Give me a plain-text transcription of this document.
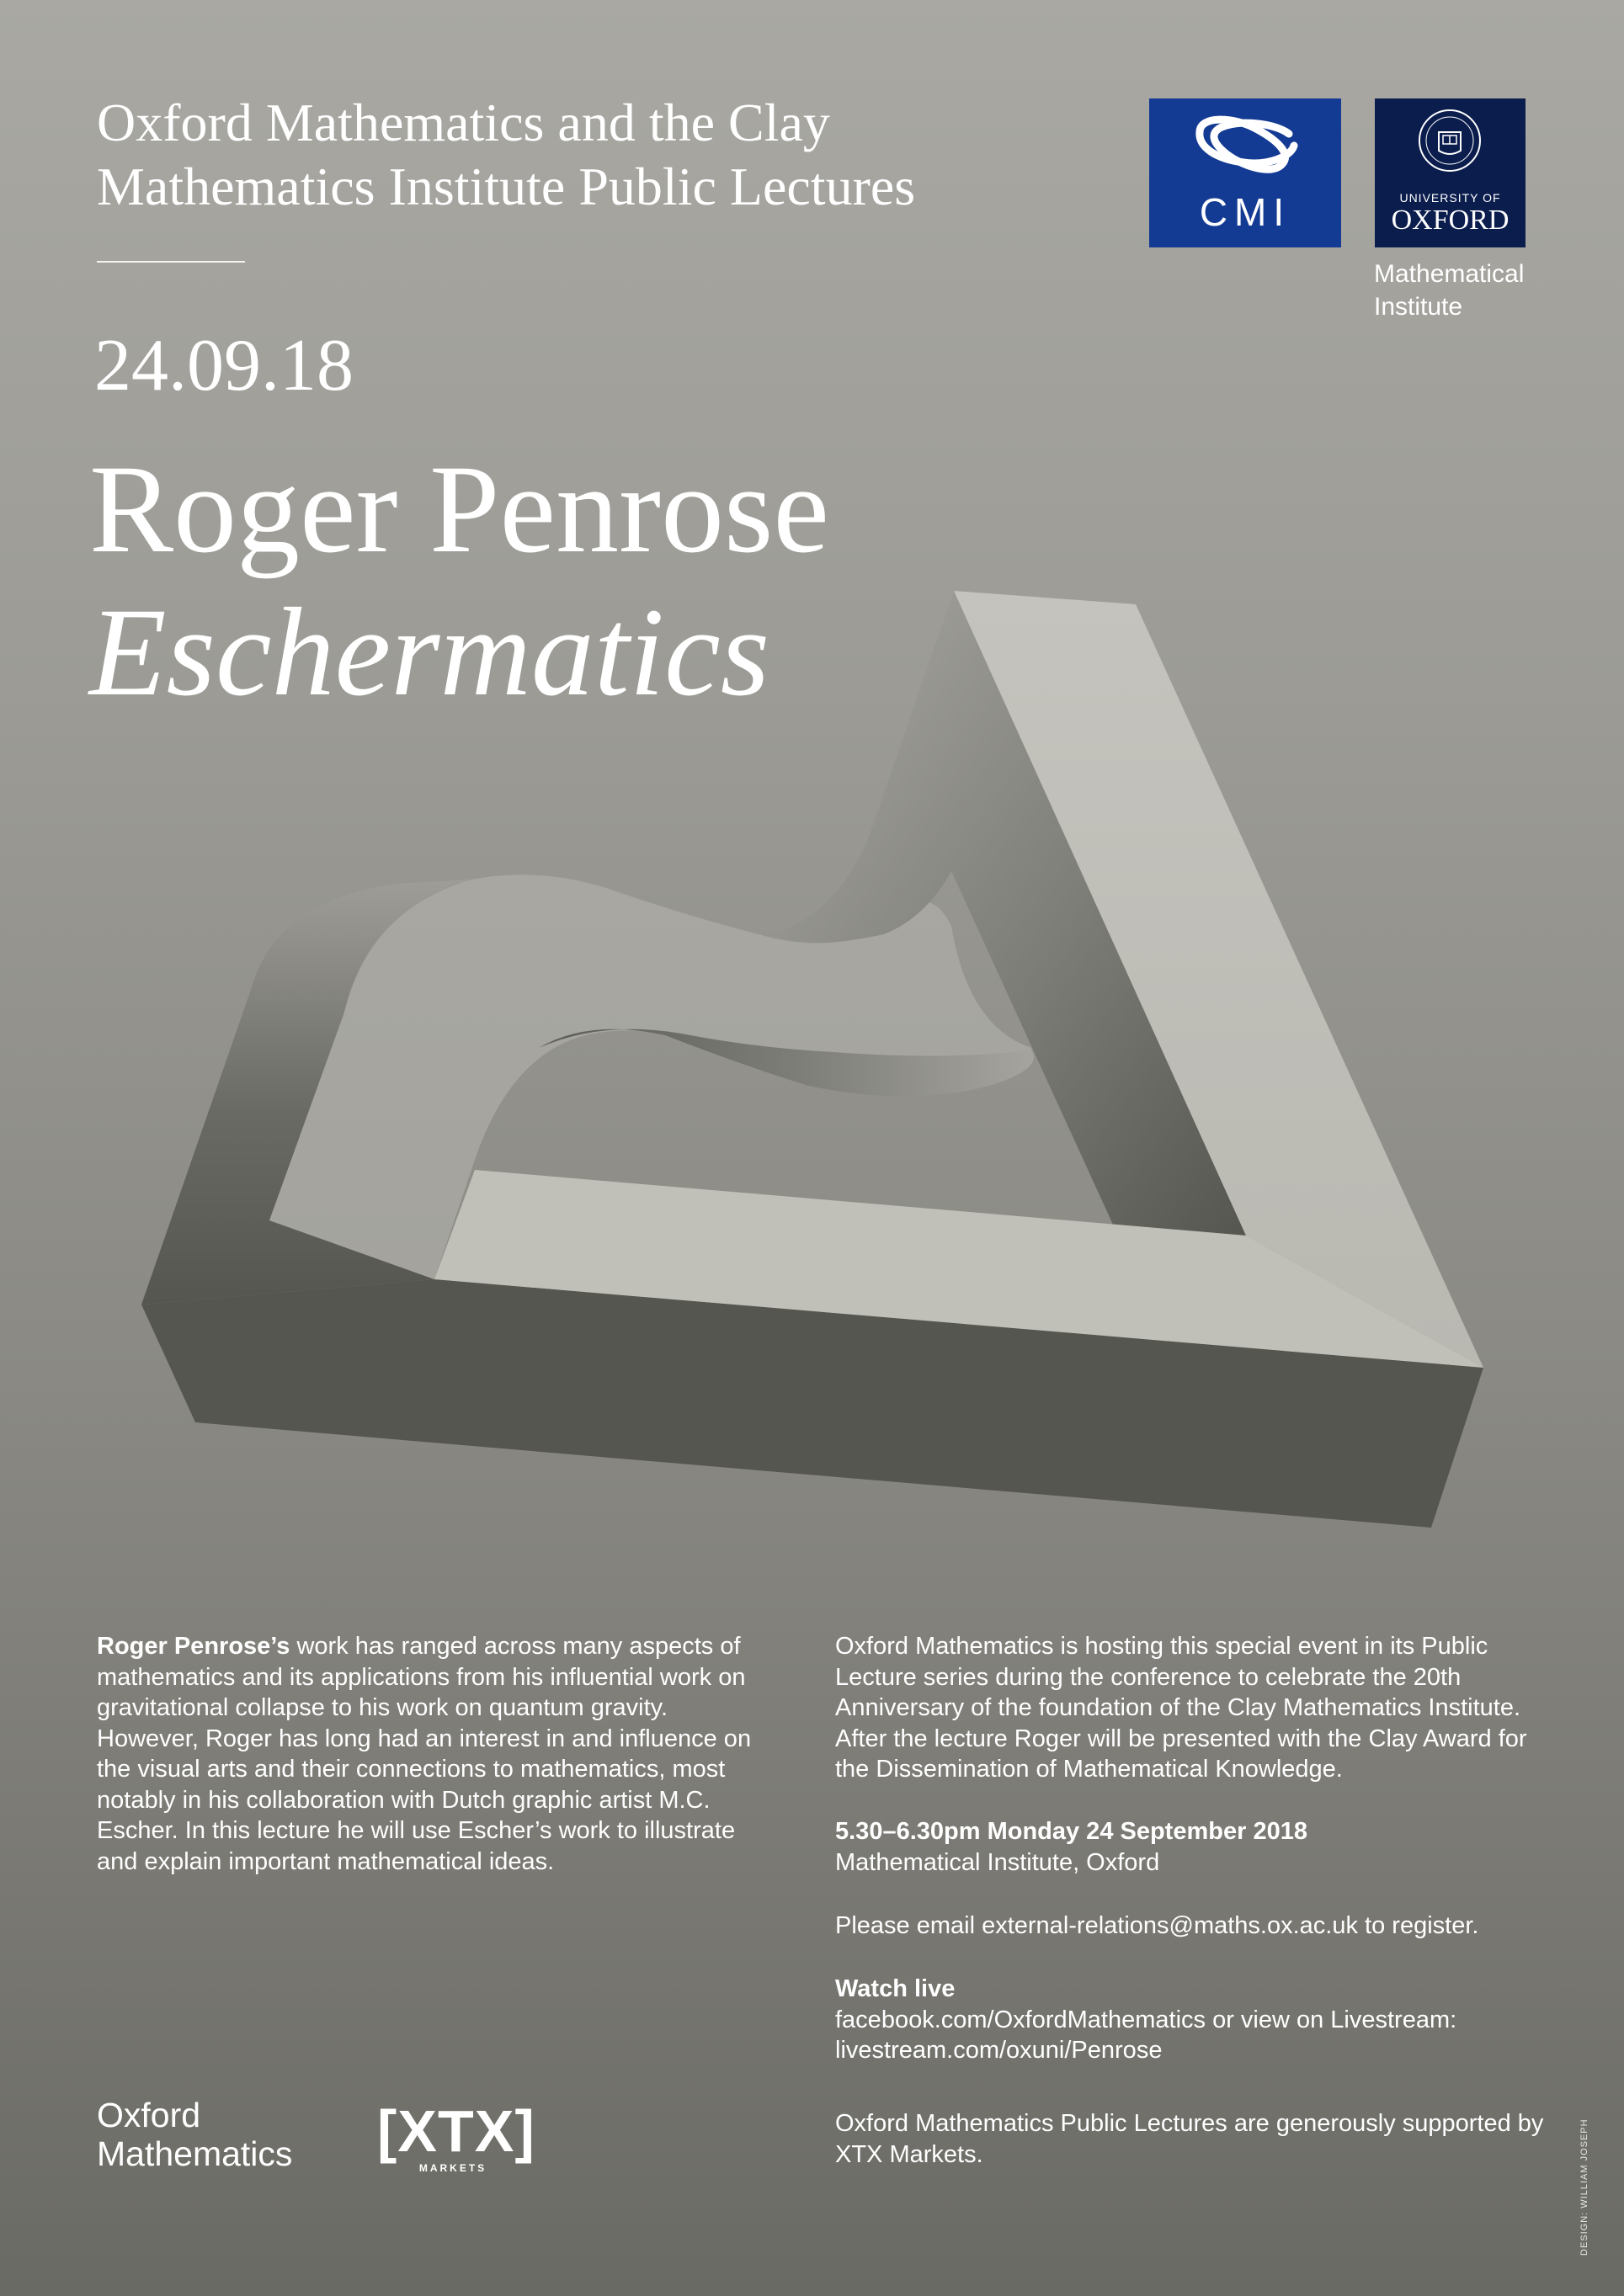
Oxford Mathematics and the Clay
Mathematics Institute Public Lectures
24.09.18
Roger Penrose
Eschermatics
CMI	UNIVERSITY OF
OXFORD
Mathematical
Institute
Roger Penrose’s work has ranged across many aspects of mathematics and its applications from his influential work on gravitational collapse to his work on quantum gravity. However, Roger has long had an interest in and influence on the visual arts and their connections to mathematics, most notably in his collaboration with Dutch graphic artist M.C. Escher. In this lecture he will use Escher’s work to illustrate and explain important mathematical ideas.
Oxford Mathematics is hosting this special event in its Public Lecture series during the conference to celebrate the 20th Anniversary of the foundation of the Clay Mathematics Institute. After the lecture Roger will be presented with the Clay Award for the Dissemination of Mathematical Knowledge.
5.30–6.30pm Monday 24 September 2018
Mathematical Institute, Oxford
Please email external-relations@maths.ox.ac.uk to register.
Watch live
facebook.com/OxfordMathematics or view on Livestream:
livestream.com/oxuni/Penrose
Oxford Mathematics Public Lectures are generously supported by XTX Markets.
Oxford
Mathematics [XTX]
MARKETS	DESIGN: WILLIAM JOSEPH
